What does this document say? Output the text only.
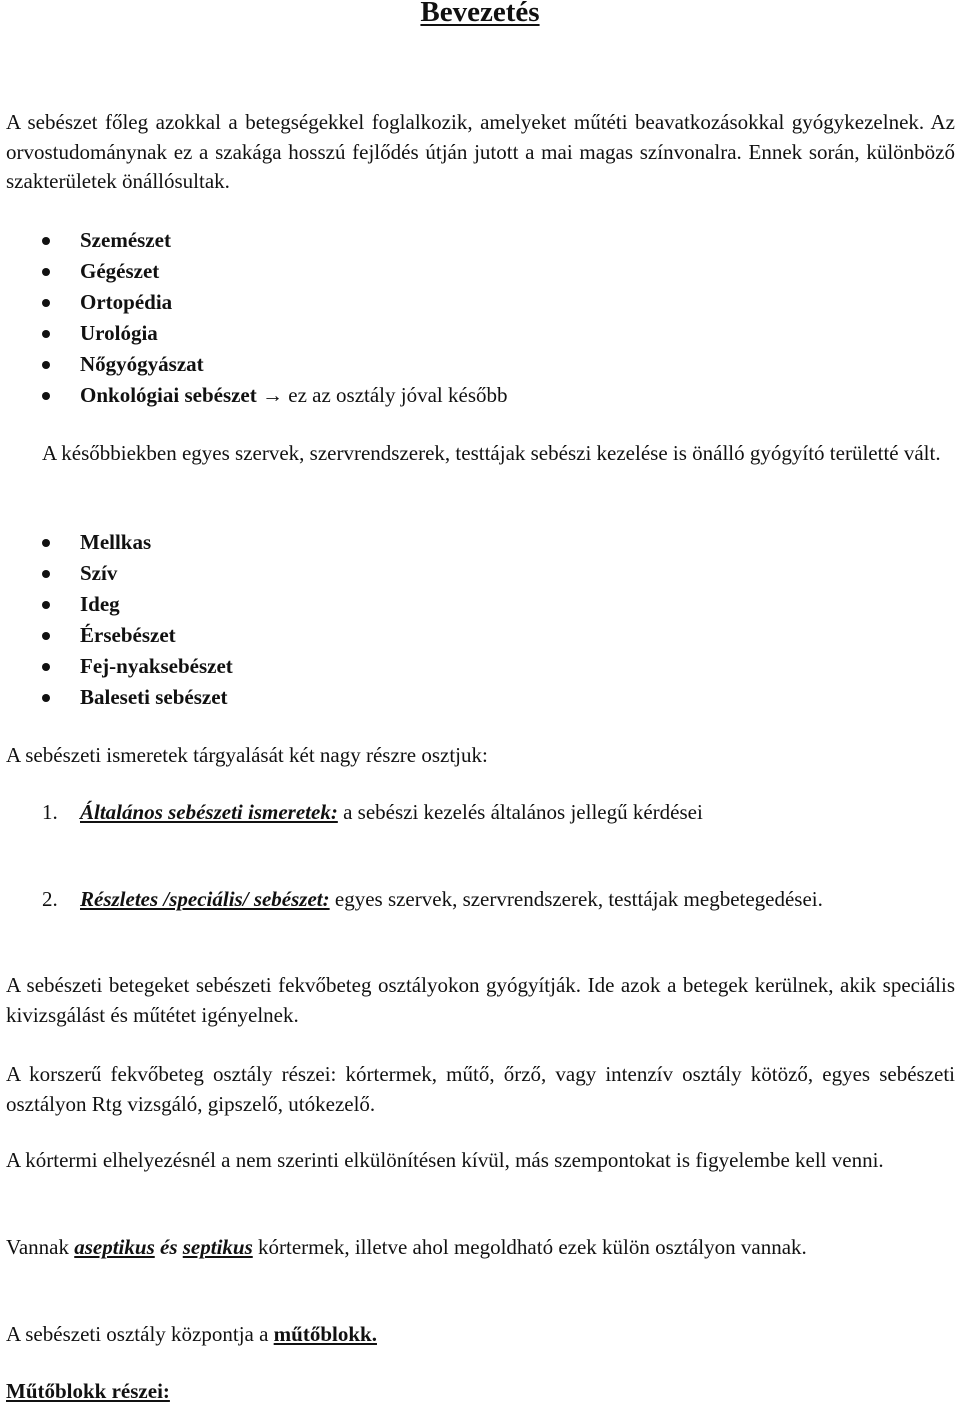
Bevezetés

A sebészet főleg azokkal a betegségekkel foglalkozik, amelyeket műtéti beavatkozásokkal gyógykezelnek. Az orvostudománynak ez a szakága hosszú fejlődés útján jutott a mai magas színvonalra. Ennek során, különböző szakterületek önállósultak.

Szemészet
Gégészet
Ortopédia
Urológia
Nőgyógyászat
Onkológiai sebészet → ez az osztály jóval később

A későbbiekben egyes szervek, szervrendszerek, testtájak sebészi kezelése is önálló gyógyító területté vált.

Mellkas
Szív
Ideg
Érsebészet
Fej-nyaksebészet
Baleseti sebészet

A sebészeti ismeretek tárgyalását két nagy részre osztjuk:

1. Általános sebészeti ismeretek: a sebészi kezelés általános jellegű kérdései
2. Részletes /speciális/ sebészet: egyes szervek, szervrendszerek, testtájak megbetegedései.

A sebészeti betegeket sebészeti fekvőbeteg osztályokon gyógyítják. Ide azok a betegek kerülnek, akik speciális kivizsgálást és műtétet igényelnek.

A korszerű fekvőbeteg osztály részei: kórtermek, műtő, őrző, vagy intenzív osztály kötöző, egyes sebészeti osztályon Rtg vizsgáló, gipszelő, utókezelő.

A kórtermi elhelyezésnél a nem szerinti elkülönítésen kívül, más szempontokat is figyelembe kell venni.

Vannak aseptikus és septikus kórtermek, illetve ahol megoldható ezek külön osztályon vannak.

A sebészeti osztály központja a műtőblokk.

Műtőblokk részei:
